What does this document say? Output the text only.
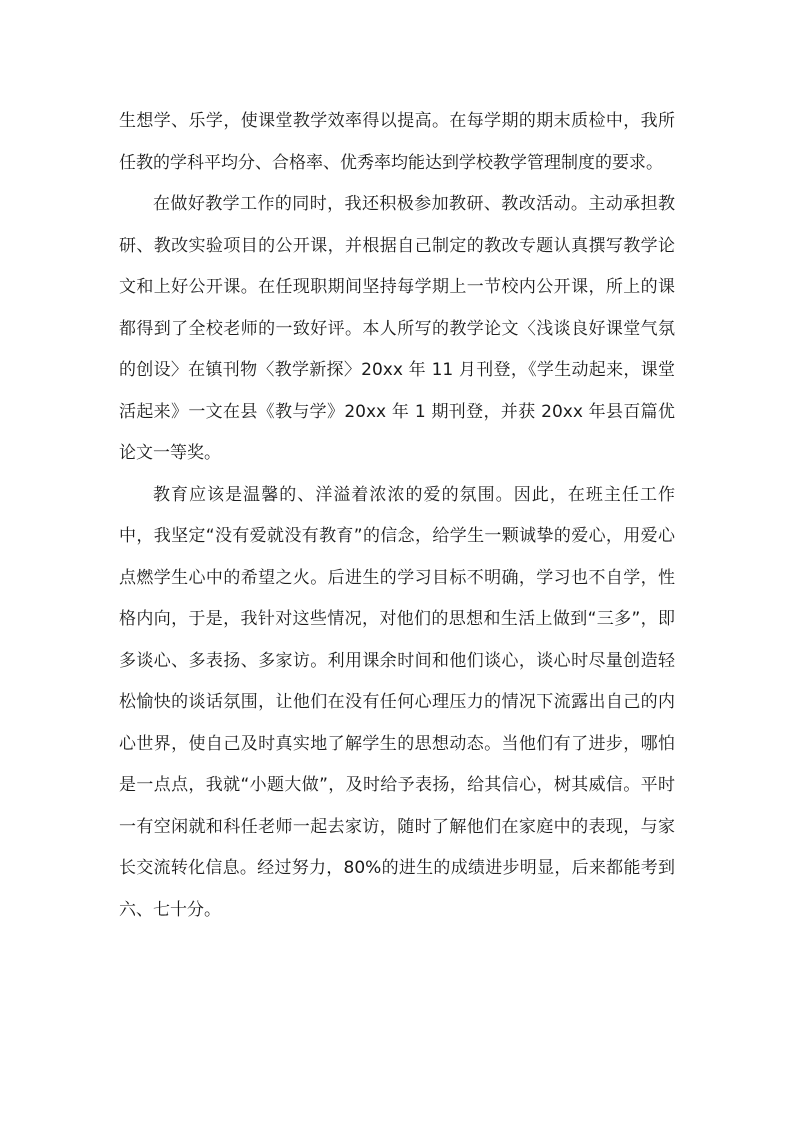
生想学、乐学，使课堂教学效率得以提高。在每学期的期末质检中，我所任教的学科平均分、合格率、优秀率均能达到学校教学管理制度的要求。

在做好教学工作的同时，我还积极参加教研、教改活动。主动承担教研、教改实验项目的公开课，并根据自己制定的教改专题认真撰写教学论文和上好公开课。在任现职期间坚持每学期上一节校内公开课，所上的课都得到了全校老师的一致好评。本人所写的教学论文〈浅谈良好课堂气氛的创设〉在镇刊物〈教学新探〉20xx 年 11 月刊登，《学生动起来，课堂活起来》一文在县《教与学》20xx 年 1 期刊登，并获 20xx 年县百篇优论文一等奖。

教育应该是温馨的、洋溢着浓浓的爱的氛围。因此，在班主任工作中，我坚定“没有爱就没有教育”的信念，给学生一颗诚挚的爱心，用爱心点燃学生心中的希望之火。后进生的学习目标不明确，学习也不自学，性格内向，于是，我针对这些情况，对他们的思想和生活上做到“三多”，即多谈心、多表扬、多家访。利用课余时间和他们谈心，谈心时尽量创造轻松愉快的谈话氛围，让他们在没有任何心理压力的情况下流露出自己的内心世界，使自己及时真实地了解学生的思想动态。当他们有了进步，哪怕是一点点，我就“小题大做”，及时给予表扬，给其信心，树其威信。平时一有空闲就和科任老师一起去家访，随时了解他们在家庭中的表现，与家长交流转化信息。经过努力，80%的进生的成绩进步明显，后来都能考到六、七十分。
